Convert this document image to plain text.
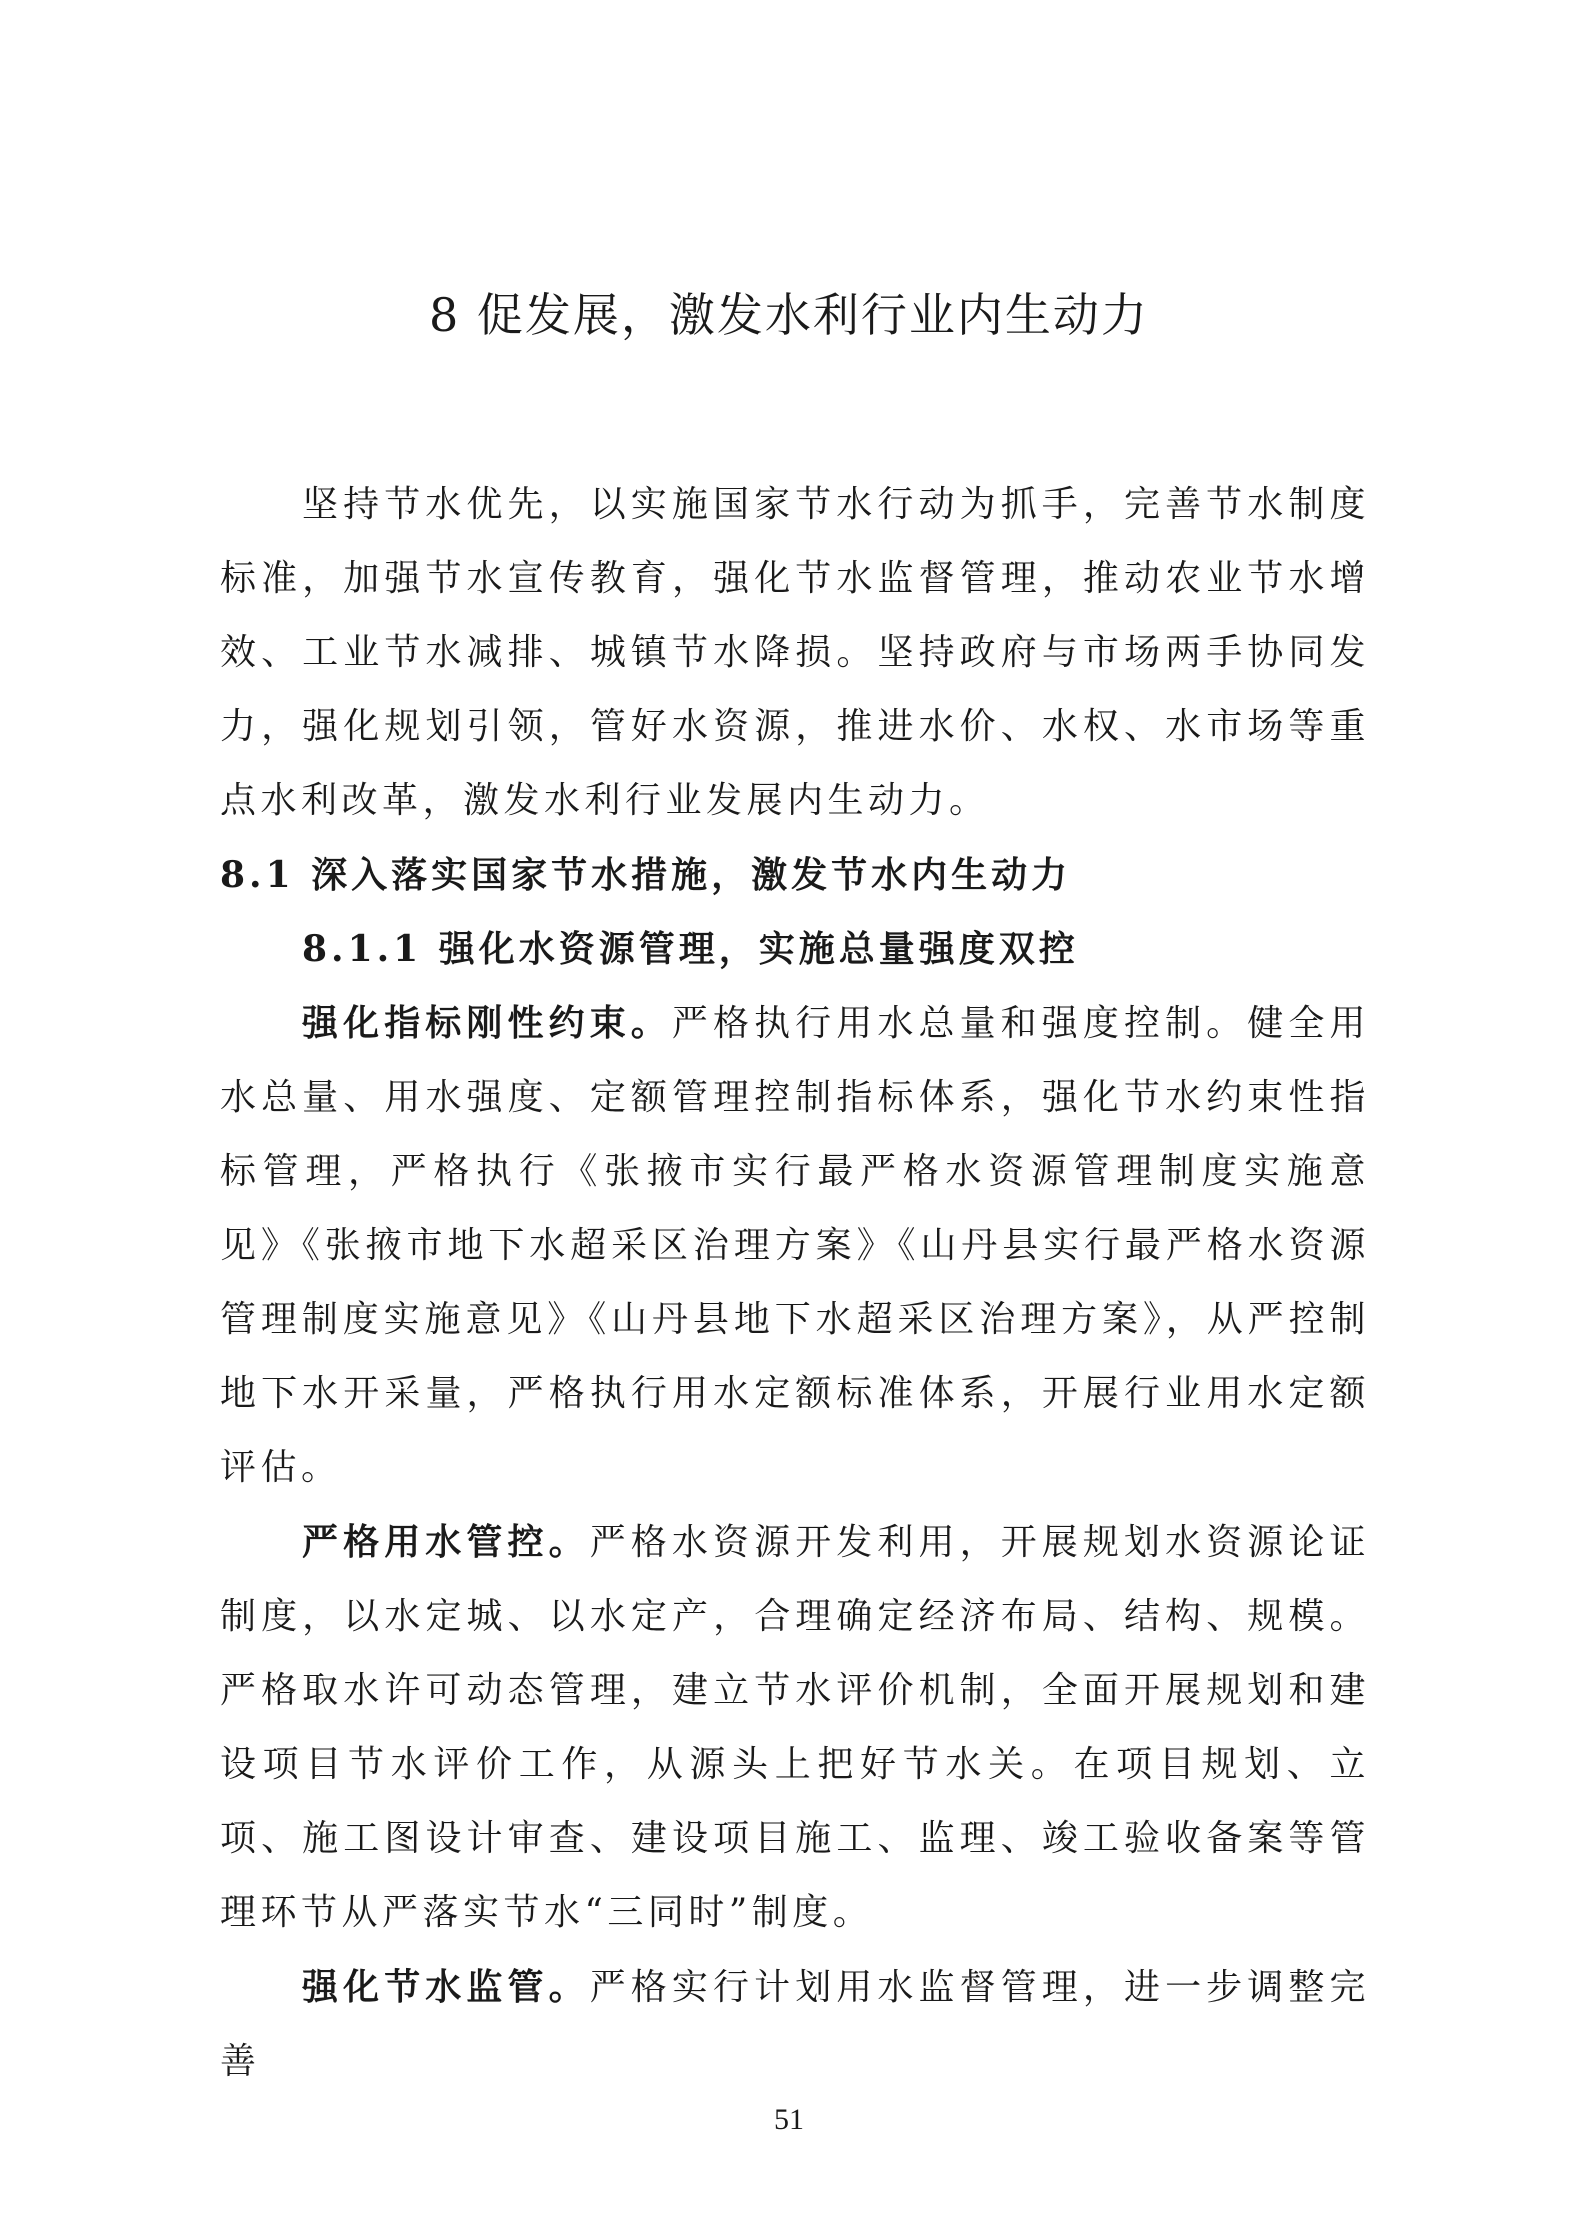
8 促发展，激发水利行业内生动力

坚持节水优先，以实施国家节水行动为抓手，完善节水制度标准，加强节水宣传教育，强化节水监督管理，推动农业节水增效、工业节水减排、城镇节水降损。坚持政府与市场两手协同发力，强化规划引领，管好水资源，推进水价、水权、水市场等重点水利改革，激发水利行业发展内生动力。

8.1 深入落实国家节水措施，激发节水内生动力

8.1.1 强化水资源管理，实施总量强度双控

强化指标刚性约束。严格执行用水总量和强度控制。健全用水总量、用水强度、定额管理控制指标体系，强化节水约束性指标管理，严格执行《张掖市实行最严格水资源管理制度实施意见》《张掖市地下水超采区治理方案》《山丹县实行最严格水资源管理制度实施意见》《山丹县地下水超采区治理方案》，从严控制地下水开采量，严格执行用水定额标准体系，开展行业用水定额评估。

严格用水管控。严格水资源开发利用，开展规划水资源论证制度，以水定城、以水定产，合理确定经济布局、结构、规模。严格取水许可动态管理，建立节水评价机制，全面开展规划和建设项目节水评价工作，从源头上把好节水关。在项目规划、立项、施工图设计审查、建设项目施工、监理、竣工验收备案等管理环节从严落实节水“三同时”制度。

强化节水监管。严格实行计划用水监督管理，进一步调整完善

51
